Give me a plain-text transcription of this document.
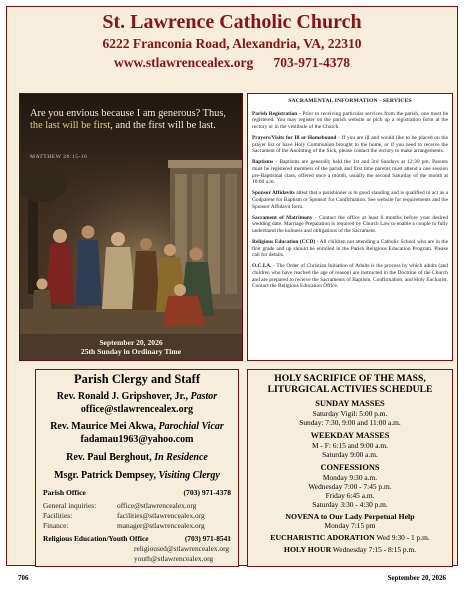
St. Lawrence Catholic Church
6222 Franconia Road, Alexandria, VA, 22310
www.stlawrencealex.org 703-971-4378
Are you envious because I am generous? Thus, the last will be first, and the first will be last.
MATTHEW 20:15-16
September 20, 2026
25th Sunday in Ordinary Time
SACRAMENTAL INFORMATION - SERVICES

Parish Registration - Prior to receiving particular services from the parish, one must be registered. You may register on the parish website or pick up a registration form at the rectory or in the vestibule of the Church.

Prayers/Visits for Ill or Homebound - If you are ill and would like to be placed on the prayer list or have Holy Communion brought to the home, or if you need to receive the Sacrament of the Anointing of the Sick, please contact the rectory to make arrangements.

Baptisms - Baptisms are generally held the 1st and 3rd Sundays at 12:30 pm. Parents must be registered members of the parish and first time parents must attend a one session pre-Baptismal class, offered once a month, usually the second Saturday of the month at 10:00 a.m.

Sponsor Affidavits attest that a parishioner is in good standing and is qualified to act as a Godparent for Baptism or Sponsor for Confirmation. See website for requirements and the Sponsor Affidavit form.

Sacrament of Matrimony - Contact the office at least 6 months before your desired wedding date. Marriage Preparation is required by Church Law to enable a couple to fully understand the holiness and obligations of the Sacrament.

Religious Education (CCD) - All children not attending a Catholic School who are in the first grade and up should be enrolled in the Parish Religious Education Program. Please call for details.

O.C.I.A. - The Order of Christian Initiation of Adults is the process by which adults (and children who have reached the age of reason) are instructed in the Doctrine of the Church and are prepared to receive the Sacraments of Baptism, Confirmation, and Holy Eucharist. Contact the Religious Education Office.

Parish Clergy and Staff
Rev. Ronald J. Gripshover, Jr., Pastor
office@stlawrencealex.org
Rev. Maurice Mei Akwa, Parochial Vicar
fadamau1963@yahoo.com
Rev. Paul Berghout, In Residence
Msgr. Patrick Dempsey, Visiting Clergy
Parish Office	(703) 971-4378
General inquiries:	office@stlawrencealex.org
Facilities:	facilities@stlawrencealex.org
Finance:	manager@stlawrencealex.org
Religious Education/Youth Office	(703) 971-8541
religioused@stlawrencealex.org
youth@stlawrencealex.org
HOLY SACRIFICE OF THE MASS,
LITURGICAL ACTIVIES SCHEDULE
SUNDAY MASSES
Saturday Vigil: 5:00 p.m.
Sunday: 7:30, 9:00 and 11:00 a.m.
WEEKDAY MASSES
M - F: 6:15 and 9:00 a.m.
Saturday 9:00 a.m.
CONFESSIONS
Monday 9:30 a.m.
Wednesday 7:00 - 7:45 p.m.
Friday 6:45 a.m.
Saturday 3:30 - 4:30 p.m.
NOVENA to Our Lady Perpetual Help
Monday 7:15 pm
EUCHARISTIC ADORATION Wed 9:30 - 1 p.m.
HOLY HOUR Wednesday 7:15 - 8:15 p.m.
706	September 20, 2026
